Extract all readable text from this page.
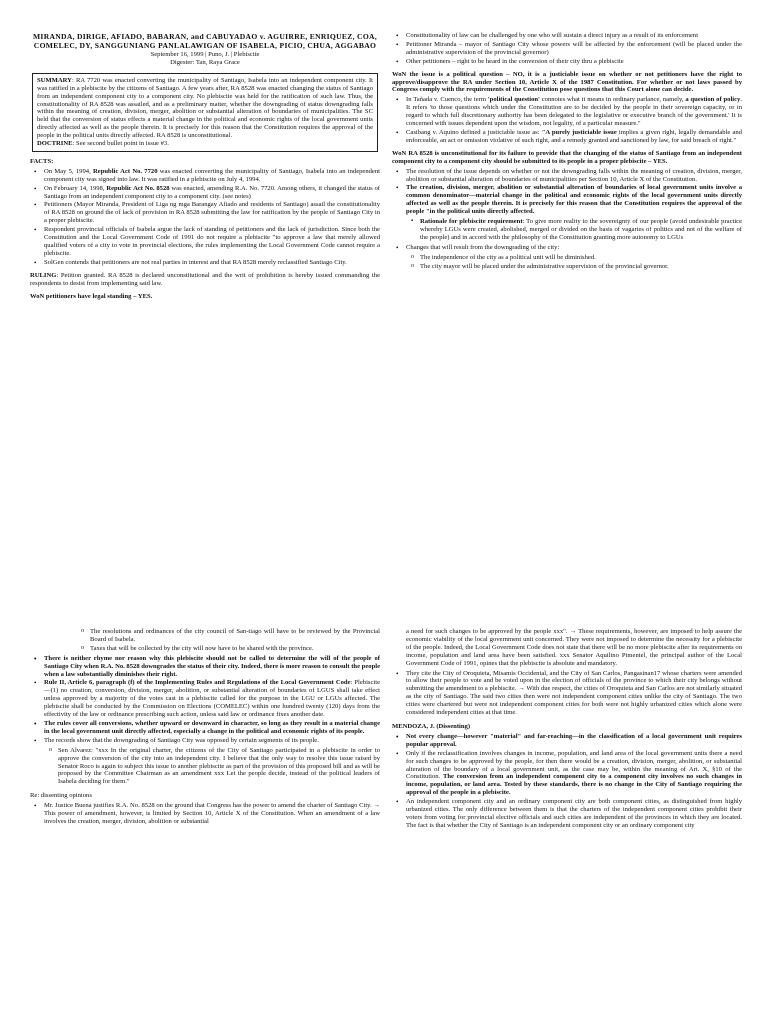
MIRANDA, DIRIGE, AFIADO, BABARAN, and CABUYADAO v. AGUIRRE, ENRIQUEZ, COA, COMELEC, DY, SANGGUNIANG PANLALAWIGAN OF ISABELA, PICIO, CHUA, AGGABAO
September 16, 1999 | Puno, J. | Plebiscite
Digester: Tan, Raya Grace
SUMMARY: RA 7720 was enacted converting the municipality of Santiago, Isabela into an independent component city. It was ratified in a plebiscite by the citizens of Santiago. A few years after, RA 8528 was enacted changing the status of Santiago from an independent component city to a component city. No plebiscite was held for the ratification of such law. Thus, the constitutionality of RA 8528 was assailed, and as a preliminary matter, whether the downgrading of status downgrading falls within the meaning of creation, division, merger, abolition or substantial alteration of boundaries of municipalities. The SC held that the conversion of status effects a material change in the political and economic rights of the local government units directly affected as well as the people therein. It is precisely for this reason that the Constitution requires the approval of the people in the political units directly affected. RA 8528 is unconstitutional.
DOCTRINE: See second bullet point in issue #3.
FACTS:
• On May 5, 1994, Republic Act No. 7720 was enacted converting the municipality of Santiago, Isabela into an independent component city was signed into law. It was ratified in a plebiscite on July 4, 1994.
• On February 14, 1998, Republic Act No. 8528 was enacted, amending R.A. No. 7720. Among others, it changed the status of Santiago from an independent component city to a component city. (see notes)
• Petitioners (Mayor Miranda, President of Liga ng mga Barangay Afiado and residents of Santiago) assail the constitutionality of RA 8528 on ground the of lack of provision in RA 8528 submitting the law for ratification by the people of Santiago City in a proper plebiscite.
• Respondent provincial officials of Isabela argue the lack of standing of petitioners and the lack of jurisdiction. Since both the Constitution and the Local Government Code of 1991 do not require a plebiscite "to approve a law that merely allowed qualified voters of a city to vote in provincial elections, the rules implementing the Local Government Code cannot require a plebiscite.
• SolGen contends that petitioners are not real parties in interest and that RA 8528 merely reclassified Santiago City.
RULING: Petition granted. RA 8528 is declared unconstitutional and the writ of prohibition is hereby issued commanding the respondents to desist from implementing said law.
WoN petitioners have legal standing – YES.
• Constitutionality of law can be challenged by one who will sustain a direct injury as a result of its enforcement
• Petitioner Miranda – mayor of Santiago City whose powers will be affected by the enforcement (will be placed under the administrative supervision of the provincial governor)
• Other petitioners – right to be heard in the conversion of their city thru a plebiscite
WoN the issue is a political question – NO, it is a justiciable issue on whether or not petitioners have the right to approve/disapprove the RA under Section 10, Article X of the 1987 Constitution. For whether or not laws passed by Congress comply with the requirements of the Constitution pose questions that this Court alone can decide.
• In Tañada v. Cuenco, the term 'political question' connotes what it means in ordinary parlance, namely, a question of policy. It refers 'to those questions which under the Constitution are to be decided by the people in their sovereign capacity, or in regard to which full discretionary authority has been delegated to the legislative or executive branch of the government.' It is concerned with issues dependent upon the wisdom, not legality, of a particular measure."
• Casibang v. Aquino defined a justiciable issue as: "A purely justiciable issue implies a given right, legally demandable and enforceable, an act or omission violative of such right, and a remedy granted and sanctioned by law, for said breach of right."
WoN RA 8528 is unconstitutional for its failure to provide that the changing of the status of Santiago from an independent component city to a component city should be submitted to its people in a proper plebiscite – YES.
• The resolution of the issue depends on whether or not the downgrading falls within the meaning of creation, division, merger, abolition or substantial alteration of boundaries of municipalities per Section 10, Article X of the Constitution.
• The creation, division, merger, abolition or substantial alteration of boundaries of local government units involve a common denominator—material change in the political and economic rights of the local government units directly affected as well as the people therein. It is precisely for this reason that the Constitution requires the approval of the people "in the political units directly affected.
▪ Rationale for plebiscite requirement: To give more reality to the sovereignty of our people (avoid undesirable practice whereby LGUs were created, abolished, merged or divided on the basis of vagaries of politics and not of the welfare of the people) and in accord with the philosophy of the Constitution granting more autonomy to LGUs
• Changes that will result from the downgrading of the city:
o The independence of the city as a political unit will be diminished.
o The city mayor will be placed under the administrative supervision of the provincial governor.
o The resolutions and ordinances of the city council of San-tiago will have to be reviewed by the Provincial Board of Isabela.
o Taxes that will be collected by the city will now have to be shared with the province.
• There is neither rhyme nor reason why this plebiscite should not be called to determine the will of the people of Santiago City when R.A. No. 8528 downgrades the status of their city. Indeed, there is more reason to consult the people when a law substantially diminishes their right.
• Rule II, Article 6, paragraph (f) of the Implementing Rules and Regulations of the Local Government Code: Plebiscite—(1) no creation, conversion, division, merger, abolition, or substantial alteration of boundaries of LGUS shall take effect unless approved by a majority of the votes cast in a plebiscite called for the purpose in the LGU or LGUs affected. The plebiscite shall be conducted by the Commission on Elections (COMELEC) within one hundred twenty (120) days from the effectivity of the law or ordinance prescribing such action, unless said law or ordinance fixes another date.
• The rules cover all conversions, whether upward or downward in character, so long as they result in a material change in the local government unit directly affected, especially a change in the political and economic rights of its people.
• The records show that the downgrading of Santiago City was opposed by certain segments of its people.
o Sen Alvarez: "xxx In the original charter, the citizens of the City of Santiago participated in a plebiscite in order to approve the conversion of the city into an independent city. I believe that the only way to resolve this issue raised by Senator Roco is again to subject this issue to another plebiscite as part of the provision of this proposed bill and as will be proposed by the Committee Chairman as an amendment xxx Let the people decide, instead of the political leaders of Isabela deciding for them."

Re: dissenting opinions

• Mr. Justice Buena justifies R.A. No. 8528 on the ground that Congress has the power to amend the charter of Santiago City. → This power of amendment, however, is limited by Section 10, Article X of the Constitution. When an amendment of a law involves the creation, merger, division, abolition or substantial

a need for such changes to be approved by the people xxx". → These requirements, however, are imposed to help assure the economic viability of the local government unit concerned. They were not imposed to determine the necessity for a plebiscite of the people. Indeed, the Local Government Code does not state that there will be no more plebiscite after its requirements on income, population and land area have been satisfied. xxx Senator Aquilino Pimentel, the principal author of the Local Government Code of 1991, opines that the plebiscite is absolute and mandatory.

• They cite the City of Oroquieta, Misamis Occidental, and the City of San Carlos, Pangasinan17 whose charters were amended to allow their people to vote and be voted upon in the election of officials of the province to which their city belongs without submitting the amendment to a plebiscite. → With due respect, the cities of Oroquieta and San Carlos are not similarly situated as the city of Santiago. The said two cities then were not independent component cities unlike the city of Santiago. The two cities were chartered but were not independent component cities for both were not highly urbanized cities which alone were considered independent cities at that time.
MENDOZA, J. (Dissenting)
• Not every change—however "material" and far-reaching—in the classification of a local government unit requires popular approval.
• Only if the reclassification involves changes in income, population, and land area of the local government units there a need for such changes to be approved by the people, for then there would be a creation, division, merger, abolition, or substantial alteration of the boundary of a local government unit, as the case may be, within the meaning of Art. X, §10 of the Constitution. The conversion from an independent component city to a component city involves no such changes in income, population, or land area. Tested by these standards, there is no change in the City of Santiago requiring the approval of the people in a plebiscite.
• An independent component city and an ordinary component city are both component cities, as distinguished from highly urbanized cities. The only difference between them is that the charters of the independent component cities prohibit their voters from voting for provincial elective officials and such cities are independent of the provinces in which they are located. The fact is that whether the City of Santiago is an independent component city or an ordinary component city
